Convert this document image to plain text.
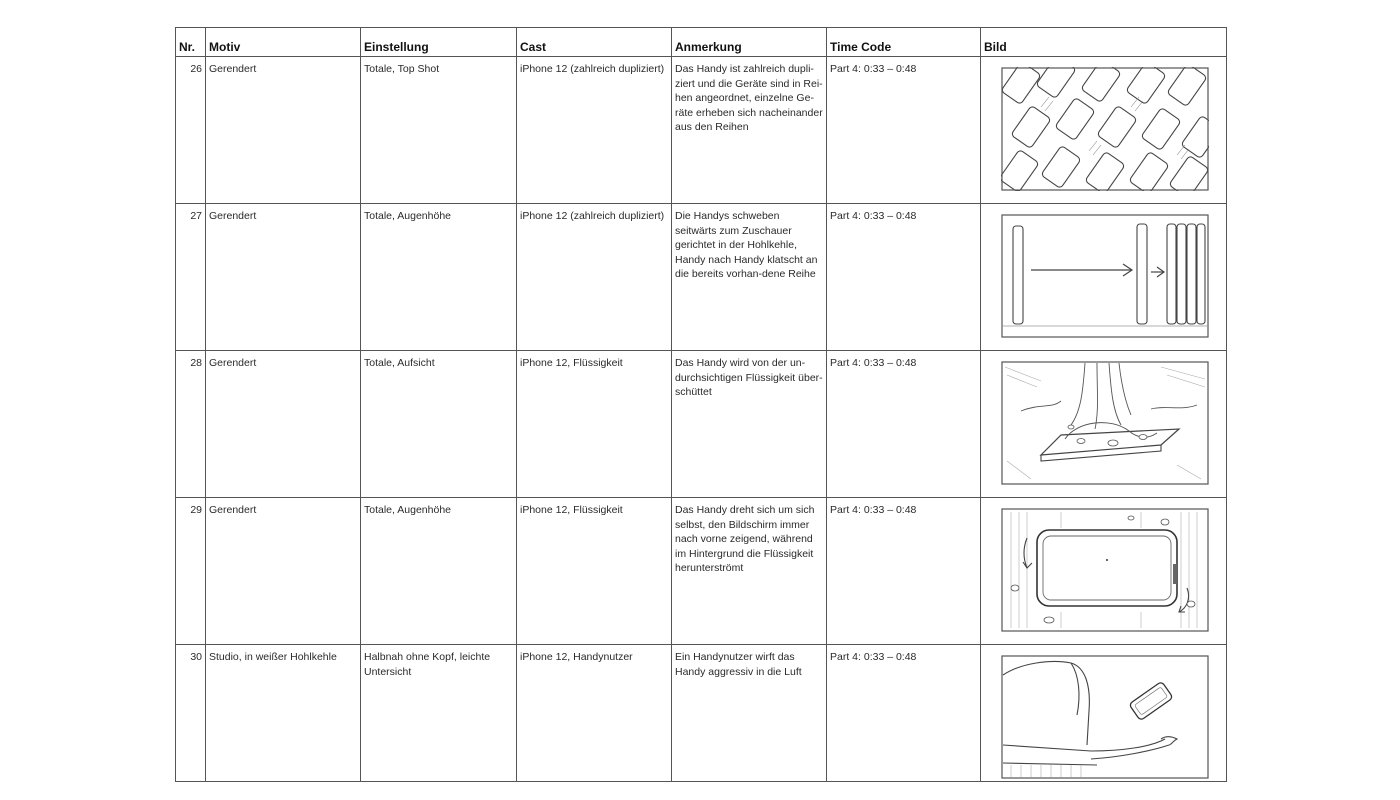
Nr.	Motiv	Einstellung	Cast	Anmerkung	Time Code	Bild
26	Gerendert	Totale, Top Shot	iPhone 12 (zahlreich dupliziert)	Das Handy ist zahlreich dupli-ziert und die Geräte sind in Rei-hen angeordnet, einzelne Ge-räte erheben sich nacheinander aus den Reihen	Part 4: 0:33 – 0:48	

27	Gerendert	Totale, Augenhöhe	iPhone 12 (zahlreich dupliziert)	Die Handys schweben seitwärts zum Zuschauer gerichtet in der Hohlkehle, Handy nach Handy klatscht an die bereits vorhan-dene Reihe	Part 4: 0:33 – 0:48	

28	Gerendert	Totale, Aufsicht	iPhone 12, Flüssigkeit	Das Handy wird von der un-durchsichtigen Flüssigkeit über-schüttet	Part 4: 0:33 – 0:48	

29	Gerendert	Totale, Augenhöhe	iPhone 12, Flüssigkeit	Das Handy dreht sich um sich selbst, den Bildschirm immer nach vorne zeigend, während im Hintergrund die Flüssigkeit herunterströmt	Part 4: 0:33 – 0:48	

30	Studio, in weißer Hohlkehle	Halbnah ohne Kopf, leichte Untersicht	iPhone 12, Handynutzer	Ein Handynutzer wirft das Handy aggressiv in die Luft	Part 4: 0:33 – 0:48	
